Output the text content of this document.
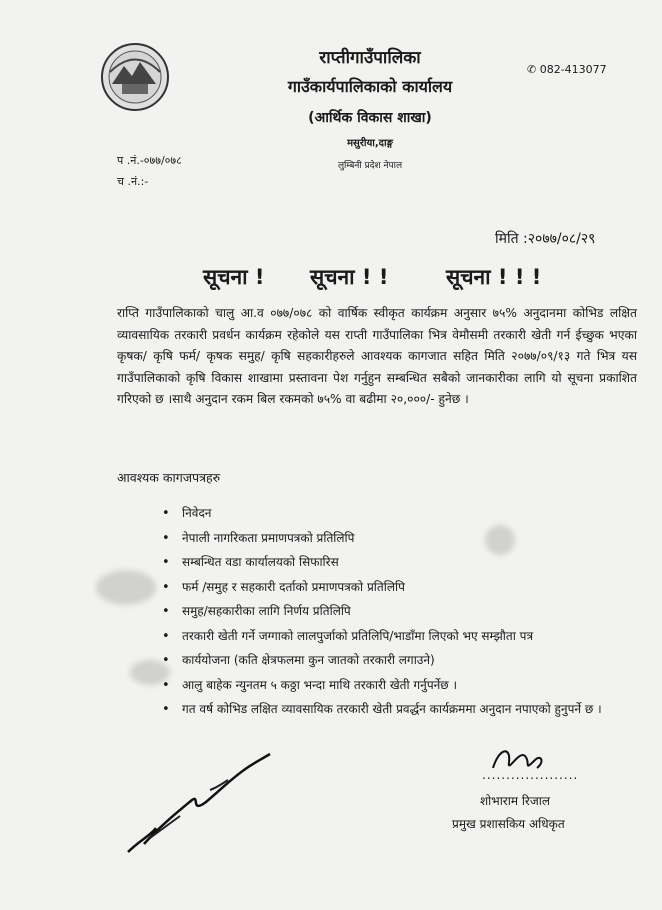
राप्तीगाउँपालिका
गाउँकार्यपालिकाको कार्यालय
(आर्थिक विकास शाखा)
मसुरीया,दाङ्ग
लुम्बिनी प्रदेश नेपाल
✆ 082-413077
प .नं.-०७७/०७८
च .नं.:-
मिति :२०७७/०८/२९
सूचना ! सूचना ! !	सूचना ! ! !
राप्ति गाउँपालिकाको चालु आ.व ०७७/०७८ को वार्षिक स्वीकृत कार्यक्रम अनुसार ७५% अनुदानमा कोभिड लक्षित व्यावसायिक तरकारी प्रवर्धन कार्यक्रम रहेकोले यस राप्ती गाउँपालिका भित्र वेमौसमी तरकारी खेती गर्न ईच्छुक भएका कृषक/ कृषि फर्म/ कृषक समुह/ कृषि सहकारीहरुले आवश्यक कागजात सहित मिति २०७७/०९/१३ गते भित्र यस गाउँपालिकाको कृषि विकास शाखामा प्रस्तावना पेश गर्नुहुन सम्बन्धित सबैको जानकारीका लागि यो सूचना प्रकाशित गरिएको छ ।साथै अनुदान रकम बिल रकमको ७५% वा बढीमा २०,०००/- हुनेछ ।
आवश्यक कागजपत्रहरु
• निवेदन
• नेपाली नागरिकता प्रमाणपत्रको प्रतिलिपि
• सम्बन्धित वडा कार्यालयको सिफारिस
• फर्म /समुह र सहकारी दर्ताको प्रमाणपत्रको प्रतिलिपि
• समुह/सहकारीका लागि निर्णय प्रतिलिपि
• तरकारी खेती गर्ने जग्गाको लालपुर्जाको प्रतिलिपि/भाडाँमा लिएको भए सम्झौता पत्र
• कार्ययोजना (कति क्षेत्रफलमा कुन जातको तरकारी लगाउने)
• आलु बाहेक न्युनतम ५ कठ्ठा भन्दा माथि तरकारी खेती गर्नुपर्नेछ ।
• गत वर्ष कोभिड लक्षित व्यावसायिक तरकारी खेती प्रवर्द्धन कार्यक्रममा अनुदान नपाएको हुनुपर्ने छ ।
....................
शोभाराम रिजाल
प्रमुख प्रशासकिय अधिकृत
